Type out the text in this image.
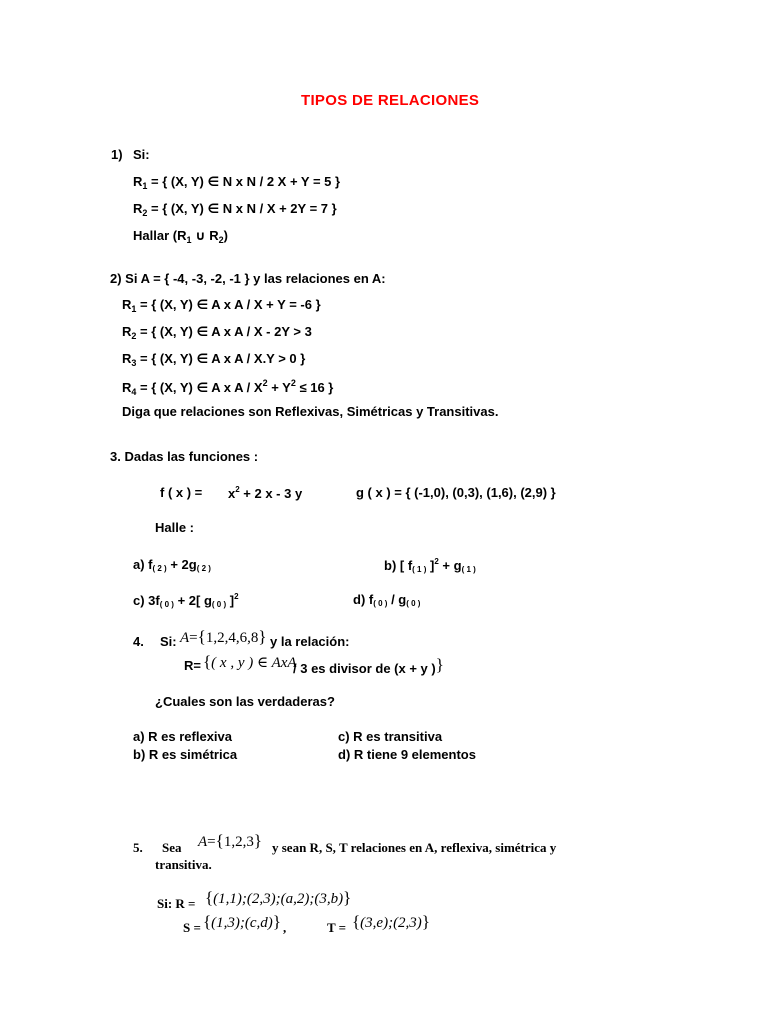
TIPOS DE RELACIONES
1) Si:
$R_1$ = { (X, Y) ∈ N x N / 2 X + Y = 5 }
$R_2$ = { (X, Y) ∈ N x N / X + 2Y = 7 }
Hallar ($R_1$ ∪ $R_2$)
2) Si A = { -4, -3, -2, -1 } y las relaciones en A:
$R_1$ = { (X, Y) ∈ A x A / X + Y = -6 }
$R_2$ = { (X, Y) ∈ A x A / X - 2Y > 3
$R_3$ = { (X, Y) ∈ A x A / X.Y > 0 }
$R_4$ = { (X, Y) ∈ A x $A / X^2 + Y^2 \le 16$ }
Diga que relaciones son Reflexivas, Simétricas y Transitivas.
3. Dadas las funciones :
f ( x ) = $x^2 + 2$ x - 3 y	g ( x ) = { (-1,0), (0,3), (1,6), (2,9) }
Halle :
a) f( 2 ) + 2g( 2 )	b) [ f( 1 ) ]$^2$ + g( 1 )
c) 3f( 0 ) + 2[ g( 0 ) ]$^2$	d) f( 0 ) / g( 0 )
4. Si: A={1,2,4,6,8} y la relación:
R= {( x , y ) ∈ AxA
/ 3 es divisor de (x + y )}
¿Cuales son las verdaderas?
a) R es reflexiva	c) R es transitiva
b) R es simétrica	d) R tiene 9 elementos
5. Sea A={1,2,3} y sean R, S, T relaciones en A, reflexiva, simétrica y
transitiva.
Si: R = {(1,1);(2,3);(a,2);(3,b)}
S = {(1,3);(c,d)} ,	T = {(3,e);(2,3)}
